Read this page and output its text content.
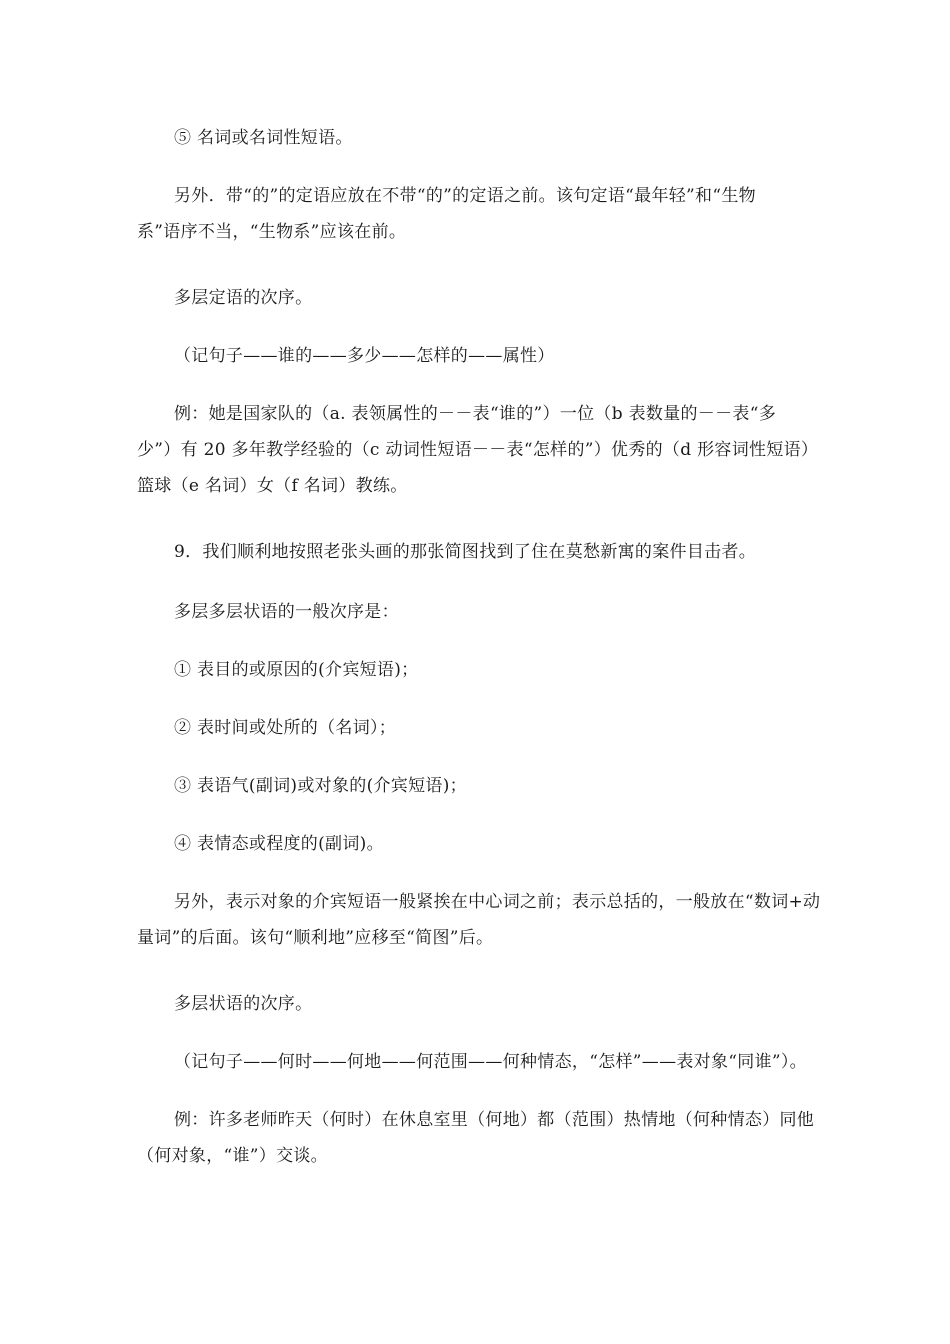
⑤ 名词或名词性短语。

另外．带“的”的定语应放在不带“的”的定语之前。该句定语“最年轻”和“生物
系”语序不当，“生物系”应该在前。

多层定语的次序。

（记句子——谁的——多少——怎样的——属性）

例：她是国家队的（a. 表领属性的－－表“谁的”）一位（b 表数量的－－表“多
少”）有 20 多年教学经验的（c 动词性短语－－表“怎样的”）优秀的（d 形容词性短语）
篮球（e 名词）女（f 名词）教练。

9．我们顺利地按照老张头画的那张简图找到了住在莫愁新寓的案件目击者。

多层多层状语的一般次序是：

① 表目的或原因的(介宾短语)；

② 表时间或处所的（名词）；

③ 表语气(副词)或对象的(介宾短语)；

④ 表情态或程度的(副词)。

另外，表示对象的介宾短语一般紧挨在中心词之前；表示总括的，一般放在“数词+动
量词”的后面。该句“顺利地”应移至“简图”后。

多层状语的次序。

（记句子——何时——何地——何范围——何种情态，“怎样”——表对象“同谁”）。

例：许多老师昨天（何时）在休息室里（何地）都（范围）热情地（何种情态）同他
（何对象，“谁”）交谈。
